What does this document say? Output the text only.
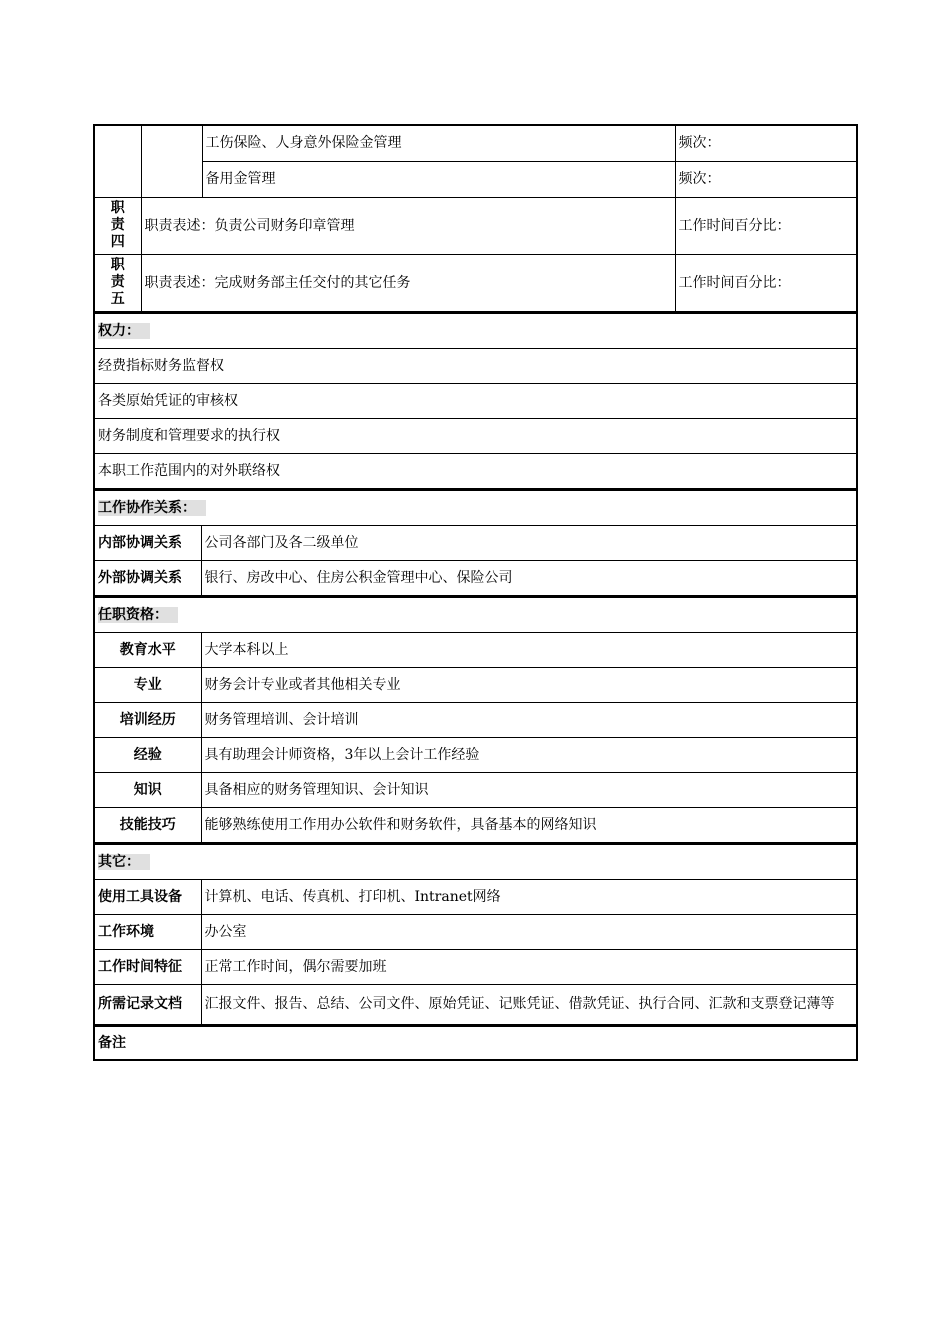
		工伤保险、人身意外保险金管理	频次：
		备用金管理	频次：
职
责
四	职责表述：负责公司财务印章管理		工作时间百分比：
职
责
五	职责表述：完成财务部主任交付的其它任务		工作时间百分比：
权力：
经费指标财务监督权
各类原始凭证的审核权
财务制度和管理要求的执行权
本职工作范围内的对外联络权
工作协作关系：	
内部协调关系	公司各部门及各二级单位
外部协调关系	银行、房改中心、住房公积金管理中心、保险公司
任职资格：	
教育水平	大学本科以上
专业	财务会计专业或者其他相关专业
培训经历	财务管理培训、会计培训
经验	具有助理会计师资格，3年以上会计工作经验
知识	具备相应的财务管理知识、会计知识
技能技巧	能够熟练使用工作用办公软件和财务软件，具备基本的网络知识
其它：	
使用工具设备	计算机、电话、传真机、打印机、Intranet网络
工作环境	办公室
工作时间特征	正常工作时间，偶尔需要加班
所需记录文档	汇报文件、报告、总结、公司文件、原始凭证、记账凭证、借款凭证、执行合同、汇款和支票登记薄等
备注
